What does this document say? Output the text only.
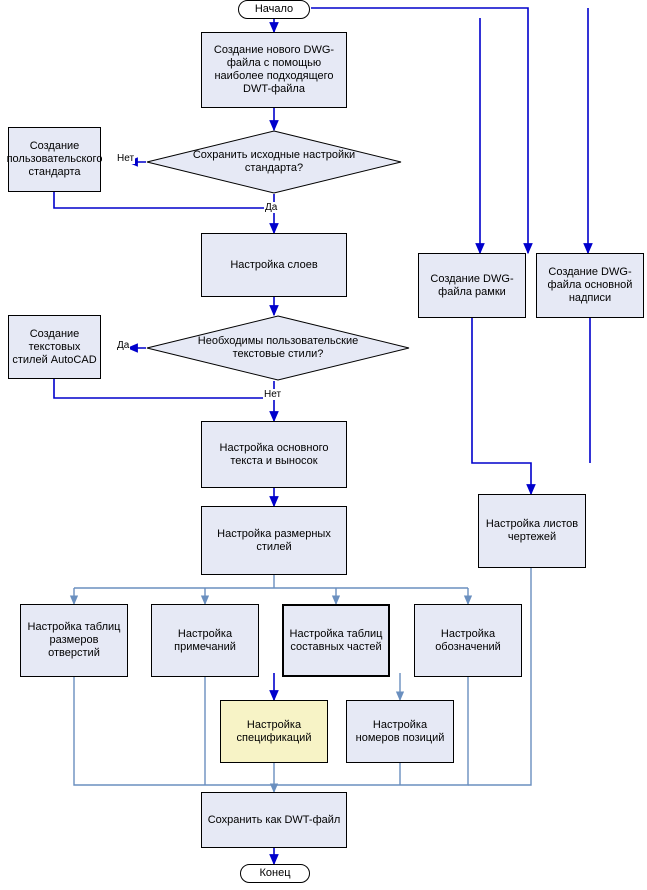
Начало
Конец
Создание нового DWG-файла с помощью наиболее подходящего DWT-файла
Создание пользовательского стандарта
Настройка слоев
Создание текстовых стилей AutoCAD
Настройка основного текста и выносок
Настройка размерных стилей
Настройка таблиц размеров отверстий
Настройка примечаний
Настройка таблиц составных частей
Настройка обозначений
Настройка спецификаций
Настройка номеров позиций
Сохранить как DWT-файл
Создание DWG-файла рамки
Создание DWG-файла основной надписи
Настройка листов чертежей
Сохранить исходные настройки стандарта?
Необходимы пользовательские текстовые стили?
Нет
Да
Да
Нет
